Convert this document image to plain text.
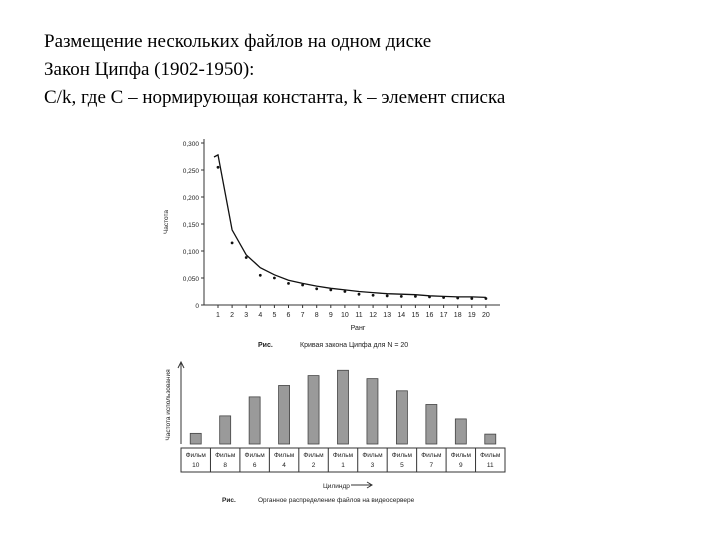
Размещение нескольких файлов на одном диске
Закон Ципфа (1902-1950):
C/k, где С – нормирующая константа, k – элемент списка
0,300
0,250
0,200
0,150
0,100
0,050
0
1 2 3 4 5 6 7 8 9 10 11 12 13 14 15 16 17 18 19 20
Частота
Ранг
Рис.	Кривая закона Ципфа для N = 20
Частота использования
Фильм
10
Фильм
8
Фильм
6
Фильм
4
Фильм
2
Фильм
1
Фильм
3
Фильм
5
Фильм
7
Фильм
9
Фильм
11
Цилиндр
Рис.	Органное распределение файлов на видеосервере
